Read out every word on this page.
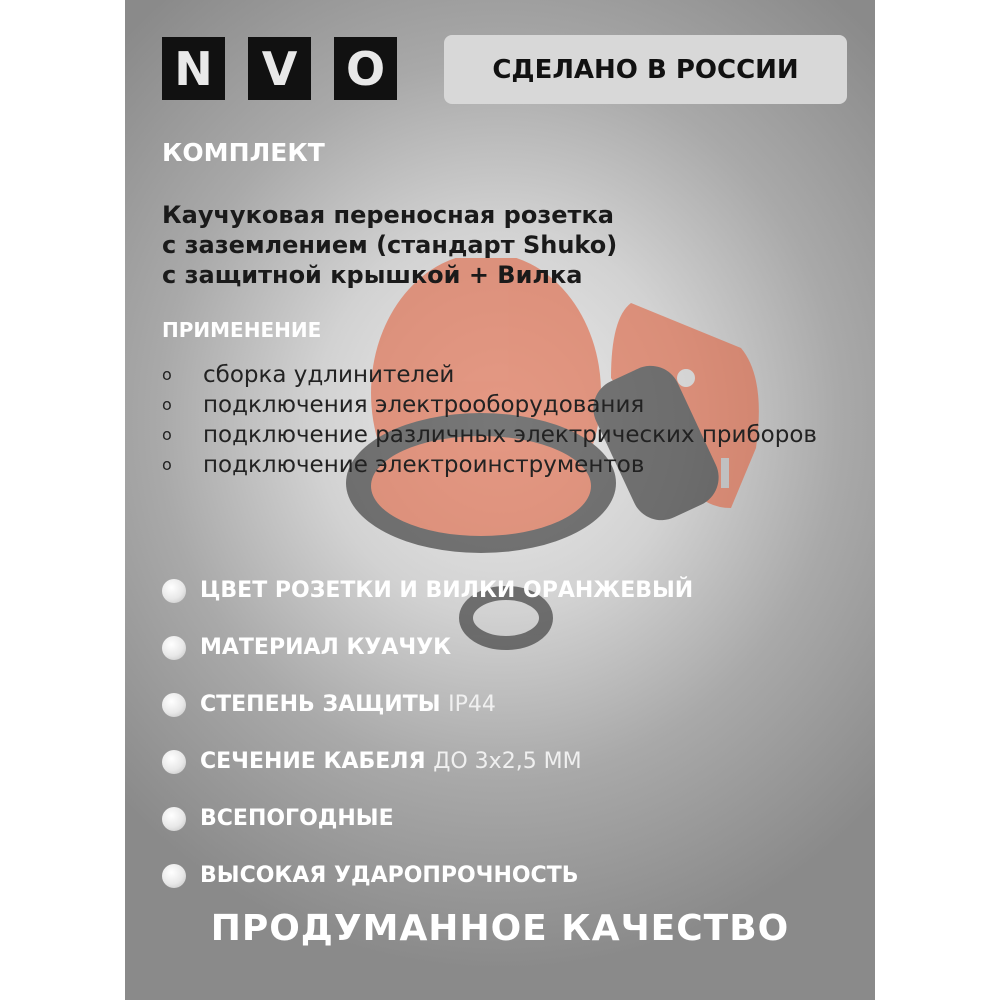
N V O	СДЕЛАНО В РОССИИ
КОМПЛЕКТ
Каучуковая переносная розетка
с заземлением (стандарт Shuko)
с защитной крышкой + Вилка
ПРИМЕНЕНИЕ
o сборка удлинителей
o подключения электрооборудования
o подключение различных электрических приборов
o подключение электроинструментов
ЦВЕТ РОЗЕТКИ И ВИЛКИ ОРАНЖЕВЫЙ
МАТЕРИАЛ КУАЧУК
СТЕПЕНЬ ЗАЩИТЫ
IP44
СЕЧЕНИЕ КАБЕЛЯ
ДО 3x2,5 ММ
ВСЕПОГОДНЫЕ
ВЫСОКАЯ УДАРОПРОЧНОСТЬ
ПРОДУМАННОЕ КАЧЕСТВО
